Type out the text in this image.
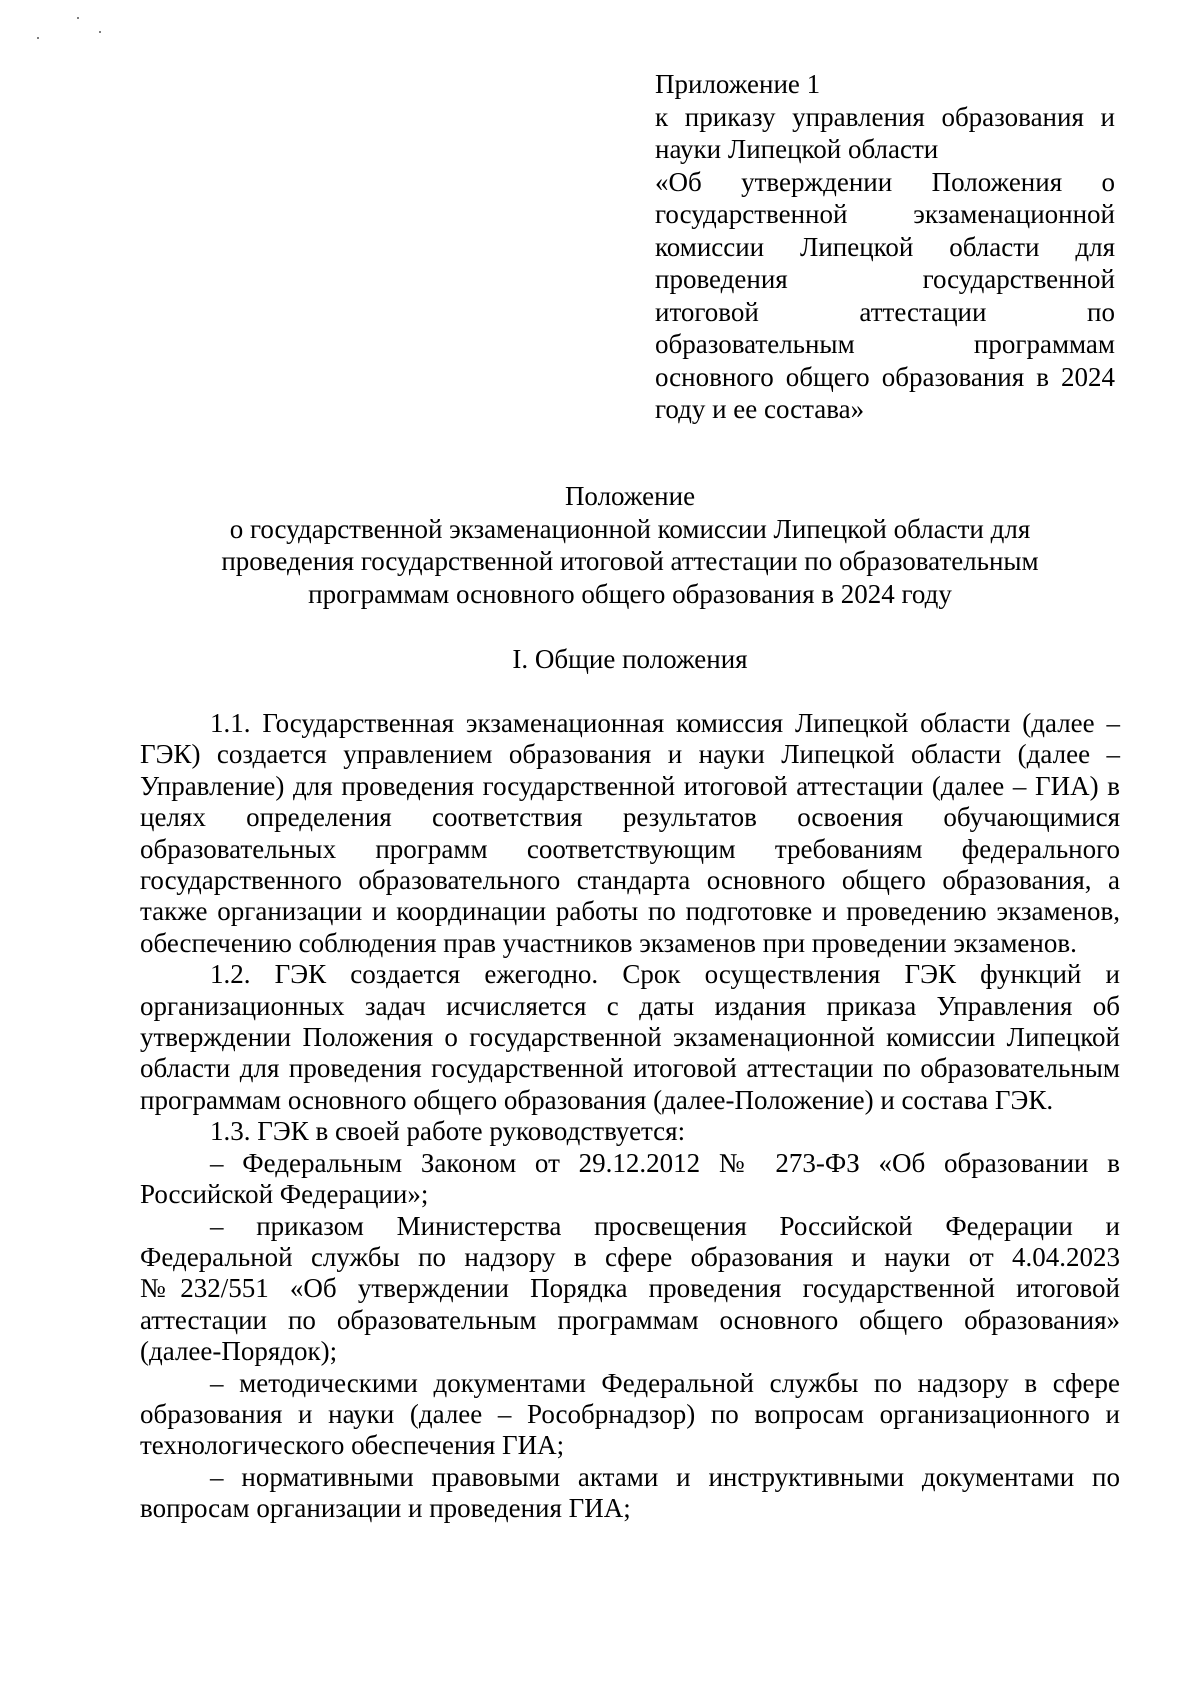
Приложение 1
к приказу управления образования и
науки Липецкой области
«Об утверждении Положения о
государственной экзаменационной
комиссии Липецкой области для
проведения государственной
итоговой аттестации по
образовательным программам
основного общего образования в 2024
году и ее состава»
Положение
о государственной экзаменационной комиссии Липецкой области для
проведения государственной итоговой аттестации по образовательным
программам основного общего образования в 2024 году
I. Общие положения

1.1. Государственная экзаменационная комиссия Липецкой области (далее – ГЭК) создается управлением образования и науки Липецкой области (далее – Управление) для проведения государственной итоговой аттестации (далее – ГИА) в целях определения соответствия результатов освоения обучающимися образовательных программ соответствующим требованиям федерального государственного образовательного стандарта основного общего образования, а также организации и координации работы по подготовке и проведению экзаменов, обеспечению соблюдения прав участников экзаменов при проведении экзаменов.

1.2. ГЭК создается ежегодно. Срок осуществления ГЭК функций и организационных задач исчисляется с даты издания приказа Управления об утверждении Положения о государственной экзаменационной комиссии Липецкой области для проведения государственной итоговой аттестации по образовательным программам основного общего образования (далее-Положение) и состава ГЭК.

1.3. ГЭК в своей работе руководствуется:

– Федеральным Законом от 29.12.2012 № 273-ФЗ «Об образовании в Российской Федерации»;

– приказом Министерства просвещения Российской Федерации и Федеральной службы по надзору в сфере образования и науки от 4.04.2023 №232/551 «Об утверждении Порядка проведения государственной итоговой аттестации по образовательным программам основного общего образования» (далее-Порядок);

– методическими документами Федеральной службы по надзору в сфере образования и науки (далее – Рособрнадзор) по вопросам организационного и технологического обеспечения ГИА;

– нормативными правовыми актами и инструктивными документами по вопросам организации и проведения ГИА;
